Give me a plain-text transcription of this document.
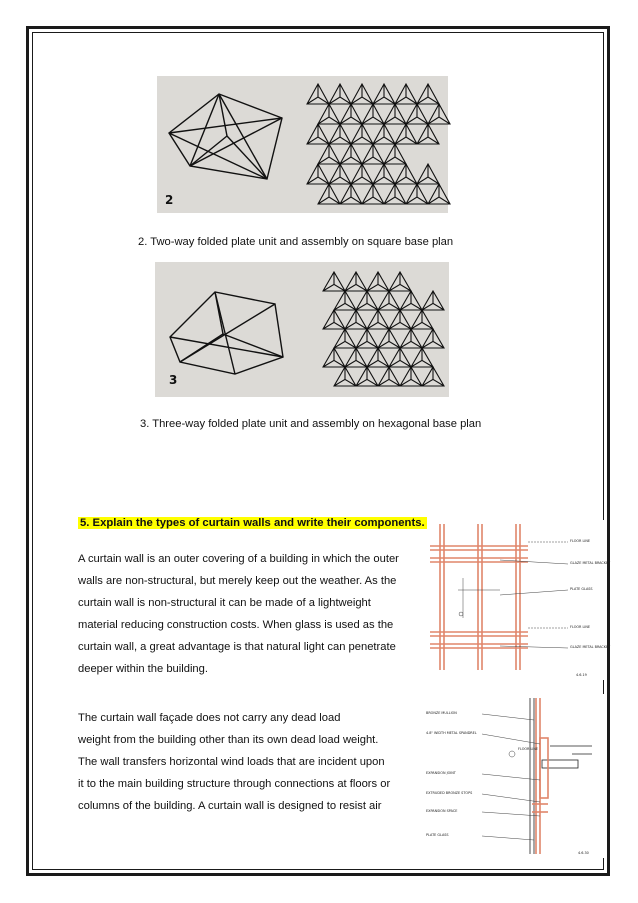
2
2. Two-way folded plate unit and assembly on square base plan
3
3. Three-way folded plate unit and assembly on hexagonal base plan
5. Explain the types of curtain walls and write their components.

A curtain wall is an outer covering of a building in which the outer

walls are non-structural, but merely keep out the weather. As the

curtain wall is non-structural it can be made of a lightweight

material reducing construction costs. When glass is used as the

curtain wall, a great advantage is that natural light can penetrate

deeper within the building.

The curtain wall façade does not carry any dead load

weight from the building other than its own dead load weight.

The wall transfers horizontal wind loads that are incident upon

it to the main building structure through connections at floors or

columns of the building. A curtain wall is designed to resist air

FLOOR LINE
GLAZE METAL BRACKET
PLATE GLASS
FLOOR LINE
GLAZE METAL BRACKET
4.6.19
BRONZE MULLION
4.8" WIDTH METAL SPANDREL
FLOOR LINE
EXPANSION JOINT
EXTRUDED BRONZE STOPS
EXPANSION SPACE
PLATE GLASS
4.6.30
